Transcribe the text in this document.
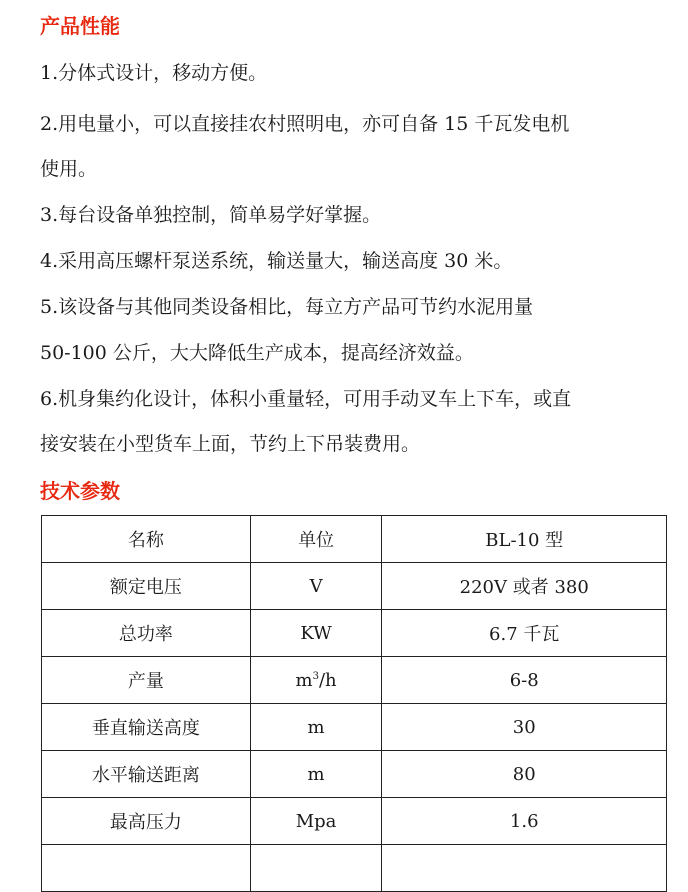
产品性能

1.分体式设计，移动方便。

2.用电量小，可以直接挂农村照明电，亦可自备 15 千瓦发电机

使用。

3.每台设备单独控制，简单易学好掌握。

4.采用高压螺杆泵送系统，输送量大，输送高度 30 米。

5.该设备与其他同类设备相比，每立方产品可节约水泥用量

50-100 公斤，大大降低生产成本，提高经济效益。

6.机身集约化设计，体积小重量轻，可用手动叉车上下车，或直

接安装在小型货车上面，节约上下吊装费用。

技术参数
名称	单位	BL-10 型
额定电压	V	220V 或者 380
总功率	KW	6.7 千瓦
产量	$m^3/h$	6-8
垂直输送高度	m	30
水平输送距离	m	80
最高压力	Mpa	1.6
